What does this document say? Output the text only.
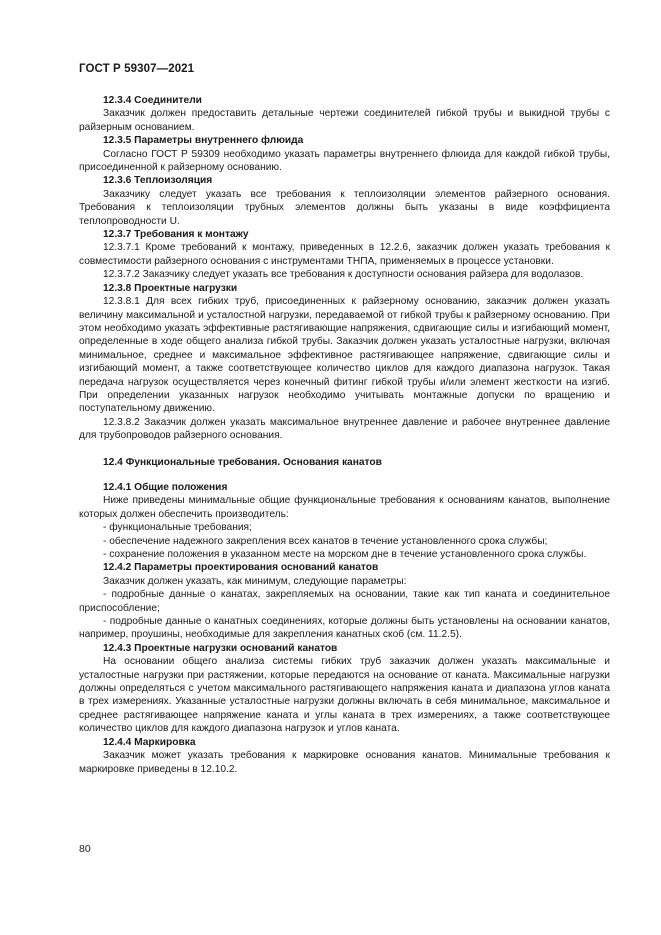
ГОСТ Р 59307—2021
12.3.4 Соединители

Заказчик должен предоставить детальные чертежи соединителей гибкой трубы и выкидной трубы с райзерным основанием.

12.3.5 Параметры внутреннего флюида

Согласно ГОСТ Р 59309 необходимо указать параметры внутреннего флюида для каждой гибкой трубы, присоединенной к райзерному основанию.

12.3.6 Теплоизоляция

Заказчику следует указать все требования к теплоизоляции элементов райзерного основания. Требования к теплоизоляции трубных элементов должны быть указаны в виде коэффициента теплопроводности U.

12.3.7 Требования к монтажу

12.3.7.1 Кроме требований к монтажу, приведенных в 12.2.6, заказчик должен указать требования к совместимости райзерного основания с инструментами ТНПА, применяемых в процессе установки.

12.3.7.2 Заказчику следует указать все требования к доступности основания райзера для водолазов.

12.3.8 Проектные нагрузки

12.3.8.1 Для всех гибких труб, присоединенных к райзерному основанию, заказчик должен указать величину максимальной и усталостной нагрузки, передаваемой от гибкой трубы к райзерному основанию. При этом необходимо указать эффективные растягивающие напряжения, сдвигающие силы и изгибающий момент, определенные в ходе общего анализа гибкой трубы. Заказчик должен указать усталостные нагрузки, включая минимальное, среднее и максимальное эффективное растягивающее напряжение, сдвигающие силы и изгибающий момент, а также соответствующее количество циклов для каждого диапазона нагрузок. Такая передача нагрузок осуществляется через конечный фитинг гибкой трубы и/или элемент жесткости на изгиб. При определении указанных нагрузок необходимо учитывать монтажные допуски по вращению и поступательному движению.

12.3.8.2 Заказчик должен указать максимальное внутреннее давление и рабочее внутреннее давление для трубопроводов райзерного основания.

12.4 Функциональные требования. Основания канатов
12.4.1 Общие положения

Ниже приведены минимальные общие функциональные требования к основаниям канатов, выполнение которых должен обеспечить производитель:

- функциональные требования;

- обеспечение надежного закрепления всех канатов в течение установленного срока службы;

- сохранение положения в указанном месте на морском дне в течение установленного срока службы.

12.4.2 Параметры проектирования оснований канатов

Заказчик должен указать, как минимум, следующие параметры:

- подробные данные о канатах, закрепляемых на основании, такие как тип каната и соединительное приспособление;

- подробные данные о канатных соединениях, которые должны быть установлены на основании канатов, например, проушины, необходимые для закрепления канатных скоб (см. 11.2.5).

12.4.3 Проектные нагрузки оснований канатов

На основании общего анализа системы гибких труб заказчик должен указать максимальные и усталостные нагрузки при растяжении, которые передаются на основание от каната. Максимальные нагрузки должны определяться с учетом максимального растягивающего напряжения каната и диапазона углов каната в трех измерениях. Указанные усталостные нагрузки должны включать в себя минимальное, максимальное и среднее растягивающее напряжение каната и углы каната в трех измерениях, а также соответствующее количество циклов для каждого диапазона нагрузок и углов каната.

12.4.4 Маркировка

Заказчик может указать требования к маркировке основания канатов. Минимальные требования к маркировке приведены в 12.10.2.

80
